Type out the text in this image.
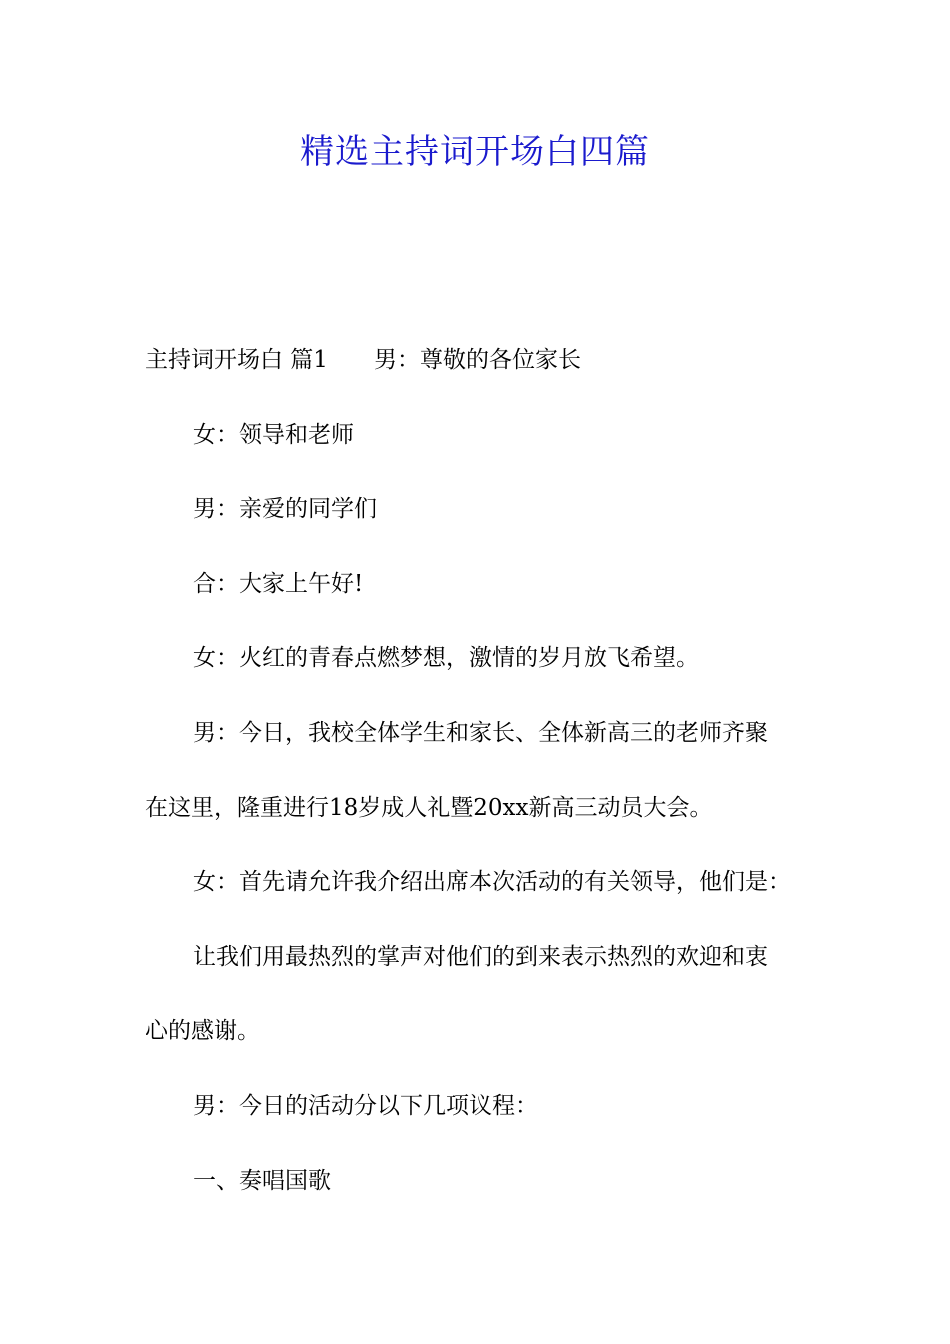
精选主持词开场白四篇
主持词开场白 篇1 男：尊敬的各位家长
女：领导和老师
男：亲爱的同学们
合：大家上午好!
女：火红的青春点燃梦想，激情的岁月放飞希望。
男：今日，我校全体学生和家长、全体新高三的老师齐聚
在这里，隆重进行18岁成人礼暨20xx新高三动员大会。
女：首先请允许我介绍出席本次活动的有关领导，他们是：
让我们用最热烈的掌声对他们的到来表示热烈的欢迎和衷
心的感谢。
男：今日的活动分以下几项议程：
一、奏唱国歌
